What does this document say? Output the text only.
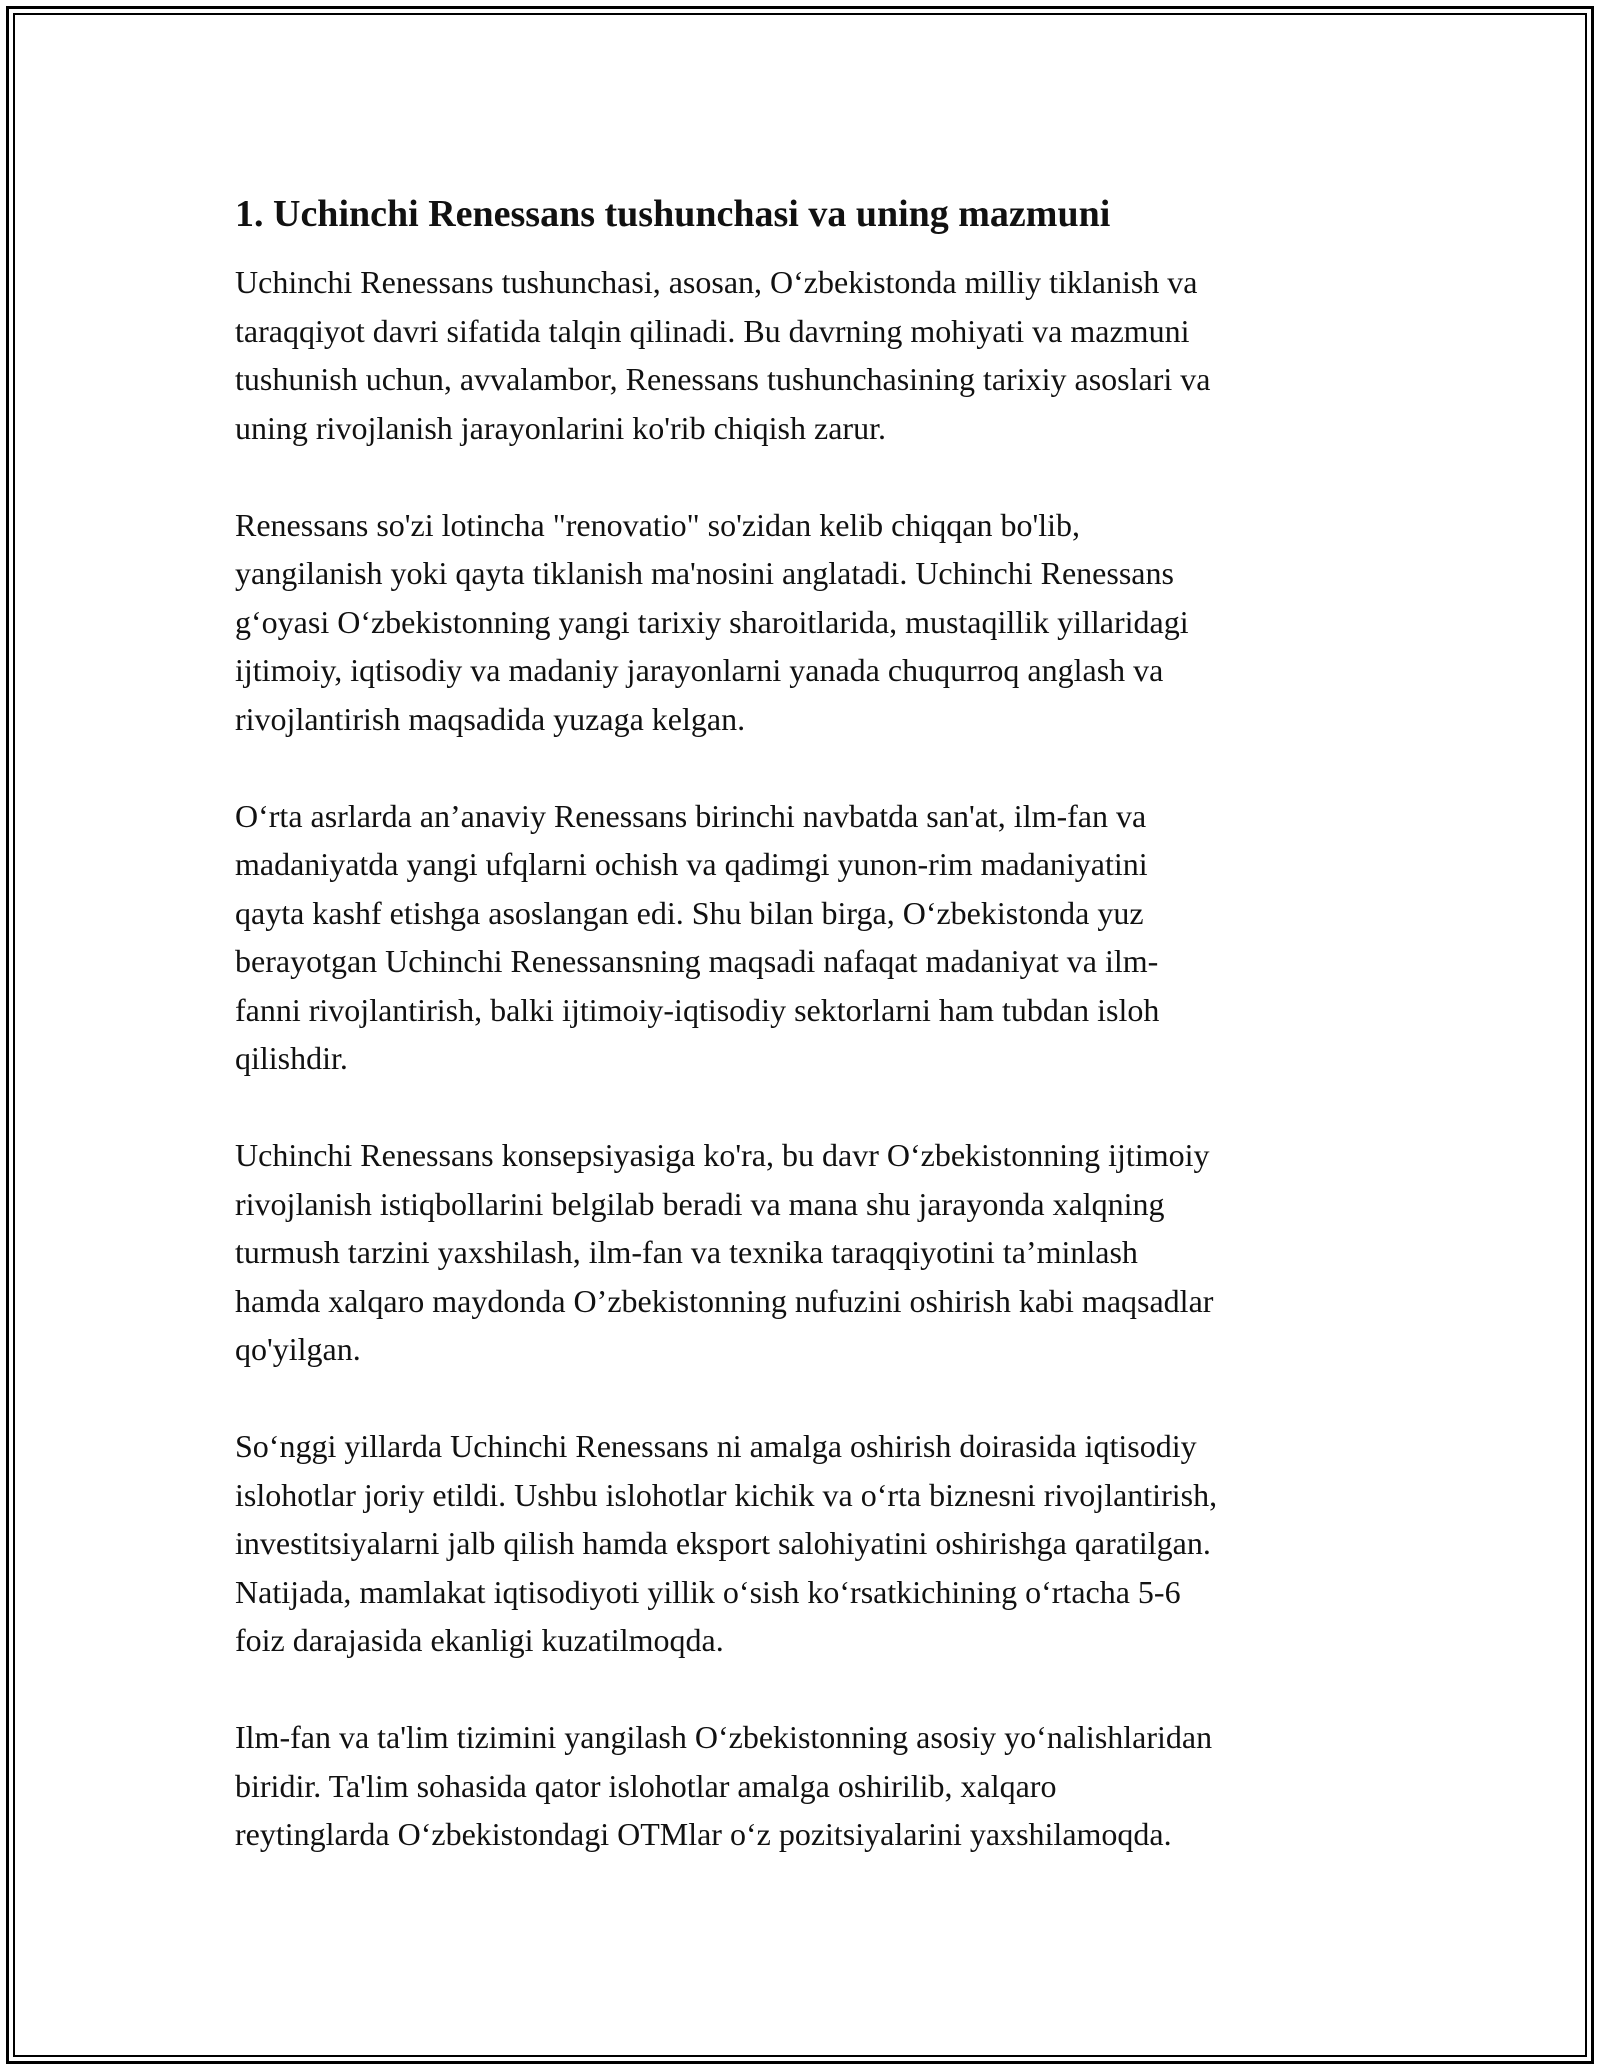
1. Uchinchi Renessans tushunchasi va uning mazmuni
Uchinchi Renessans tushunchasi, asosan, O‘zbekistonda milliy tiklanish va
taraqqiyot davri sifatida talqin qilinadi. Bu davrning mohiyati va mazmuni
tushunish uchun, avvalambor, Renessans tushunchasining tarixiy asoslari va
uning rivojlanish jarayonlarini ko'rib chiqish zarur.
Renessans so'zi lotincha "renovatio" so'zidan kelib chiqqan bo'lib,
yangilanish yoki qayta tiklanish ma'nosini anglatadi. Uchinchi Renessans
g‘oyasi O‘zbekistonning yangi tarixiy sharoitlarida, mustaqillik yillaridagi
ijtimoiy, iqtisodiy va madaniy jarayonlarni yanada chuqurroq anglash va
rivojlantirish maqsadida yuzaga kelgan.
O‘rta asrlarda an’anaviy Renessans birinchi navbatda san'at, ilm-fan va
madaniyatda yangi ufqlarni ochish va qadimgi yunon-rim madaniyatini
qayta kashf etishga asoslangan edi. Shu bilan birga, O‘zbekistonda yuz
berayotgan Uchinchi Renessansning maqsadi nafaqat madaniyat va ilm-
fanni rivojlantirish, balki ijtimoiy-iqtisodiy sektorlarni ham tubdan isloh
qilishdir.
Uchinchi Renessans konsepsiyasiga ko'ra, bu davr O‘zbekistonning ijtimoiy
rivojlanish istiqbollarini belgilab beradi va mana shu jarayonda xalqning
turmush tarzini yaxshilash, ilm-fan va texnika taraqqiyotini ta’minlash
hamda xalqaro maydonda O’zbekistonning nufuzini oshirish kabi maqsadlar
qo'yilgan.
So‘nggi yillarda Uchinchi Renessans ni amalga oshirish doirasida iqtisodiy
islohotlar joriy etildi. Ushbu islohotlar kichik va o‘rta biznesni rivojlantirish,
investitsiyalarni jalb qilish hamda eksport salohiyatini oshirishga qaratilgan.
Natijada, mamlakat iqtisodiyoti yillik o‘sish ko‘rsatkichining o‘rtacha 5-6
foiz darajasida ekanligi kuzatilmoqda.
Ilm-fan va ta'lim tizimini yangilash O‘zbekistonning asosiy yo‘nalishlaridan
biridir. Ta'lim sohasida qator islohotlar amalga oshirilib, xalqaro
reytinglarda O‘zbekistondagi OTMlar o‘z pozitsiyalarini yaxshilamoqda.
